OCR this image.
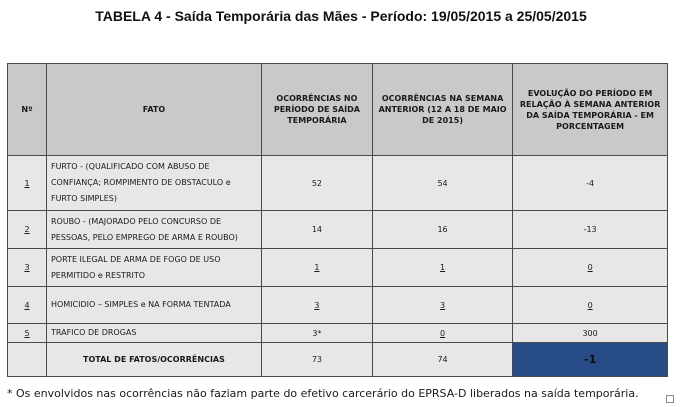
TABELA 4 - Saída Temporária das Mães - Período: 19/05/2015 a 25/05/2015
Nº	FATO	OCORRÊNCIAS NO PERÍODO DE SAÍDA TEMPORÁRIA	OCORRÊNCIAS NA SEMANA ANTERIOR (12 A 18 DE MAIO DE 2015)	EVOLUÇÃO DO PERÍODO EM RELAÇÃO À SEMANA ANTERIOR DA SAÍDA TEMPORÁRIA - EM PORCENTAGEM
1	FURTO - (QUALIFICADO COM ABUSO DE CONFIANÇA; ROMPIMENTO DE OBSTACULO e FURTO SIMPLES)	52	54	-4
2	ROUBO - (MAJORADO PELO CONCURSO DE PESSOAS, PELO EMPREGO DE ARMA E ROUBO)	14	16	-13
3	PORTE ILEGAL DE ARMA DE FOGO DE USO PERMITIDO e RESTRITO	1	1	0
4	HOMICIDIO – SIMPLES e NA FORMA TENTADA	3	3	0
5	TRAFICO DE DROGAS	3*	0	300
	TOTAL DE FATOS/OCORRÊNCIAS	73	74	-1
* Os envolvidos nas ocorrências não faziam parte do efetivo carcerário do EPRSA-D liberados na saída temporária.
